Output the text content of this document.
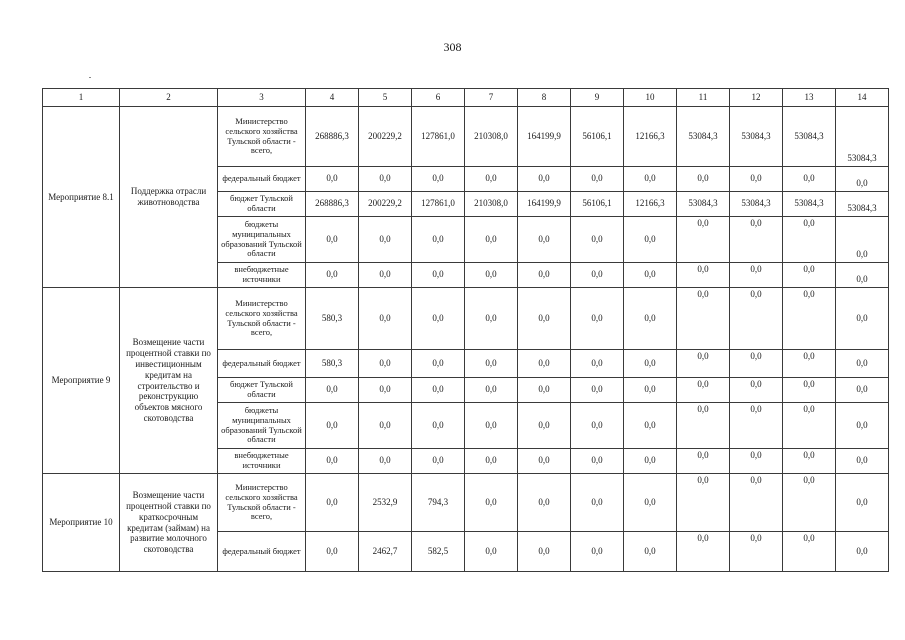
308
1	2	3	4	5	6	7	8	9	10	11	12	13	14
Мероприятие 8.1	Поддержка отрасли животноводства	Министерство сельского хозяйства Тульской области - всего,	268886,3	200229,2	127861,0	210308,0	164199,9	56106,1	12166,3	53084,3	53084,3	53084,3	53084,3
		федеральный бюджет	0,0	0,0	0,0	0,0	0,0	0,0	0,0	0,0	0,0	0,0	0,0
		бюджет Тульской области	268886,3	200229,2	127861,0	210308,0	164199,9	56106,1	12166,3	53084,3	53084,3	53084,3	53084,3
		бюджеты муниципальных образований Тульской области	0,0	0,0	0,0	0,0	0,0	0,0	0,0	0,0	0,0	0,0	0,0
		внебюджетные источники	0,0	0,0	0,0	0,0	0,0	0,0	0,0	0,0	0,0	0,0	0,0
Мероприятие 9	Возмещение части процентной ставки по инвестиционным кредитам на строительство и реконструкцию объектов мясного скотоводства	Министерство сельского хозяйства Тульской области - всего,	580,3	0,0	0,0	0,0	0,0	0,0	0,0	0,0	0,0	0,0	0,0
		федеральный бюджет	580,3	0,0	0,0	0,0	0,0	0,0	0,0	0,0	0,0	0,0	0,0
		бюджет Тульской области	0,0	0,0	0,0	0,0	0,0	0,0	0,0	0,0	0,0	0,0	0,0
		бюджеты муниципальных образований Тульской области	0,0	0,0	0,0	0,0	0,0	0,0	0,0	0,0	0,0	0,0	0,0
		внебюджетные источники	0,0	0,0	0,0	0,0	0,0	0,0	0,0	0,0	0,0	0,0	0,0
Мероприятие 10	Возмещение части процентной ставки по краткосрочным кредитам (займам) на развитие молочного скотоводства	Министерство сельского хозяйства Тульской области - всего,	0,0	2532,9	794,3	0,0	0,0	0,0	0,0	0,0	0,0	0,0	0,0
		федеральный бюджет	0,0	2462,7	582,5	0,0	0,0	0,0	0,0	0,0	0,0	0,0	0,0
